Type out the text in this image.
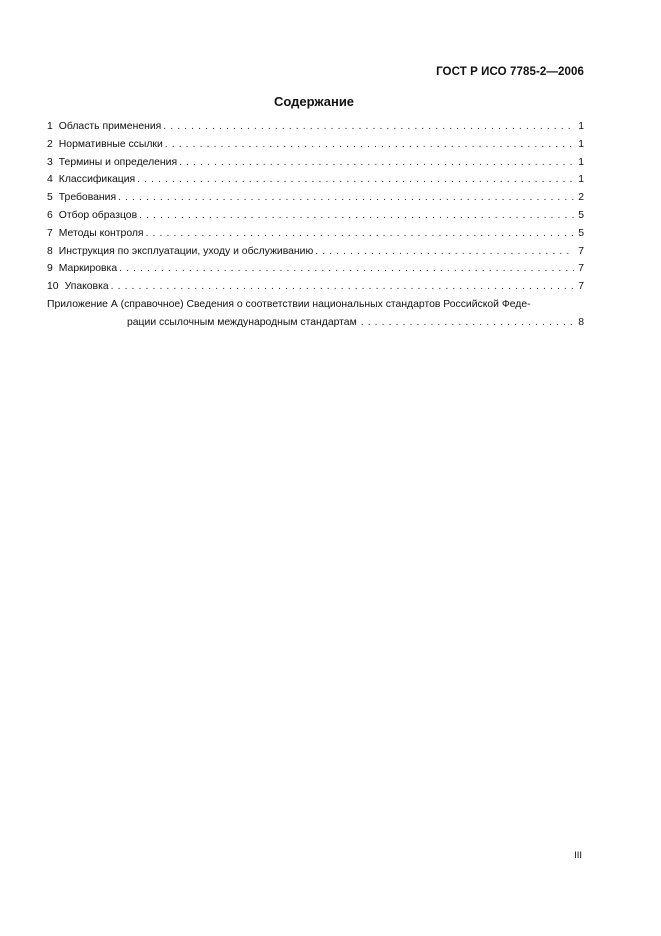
ГОСТ Р ИСО 7785-2—2006
Содержание
1 Область применения . . .	1
2 Нормативные ссылки . . .	1
3 Термины и определения . . .	1
4 Классификация . . .	1
5 Требования . . .	2
6 Отбор образцов . . .	5
7 Методы контроля . . .	5
8 Инструкция по эксплуатации, уходу и обслуживанию . . .	7
9 Маркировка . . .	7
10 Упаковка . . .	7
Приложение А (справочное) Сведения о соответствии национальных стандартов Российской Феде-
рации ссылочным международным стандартам . . .	8
III
